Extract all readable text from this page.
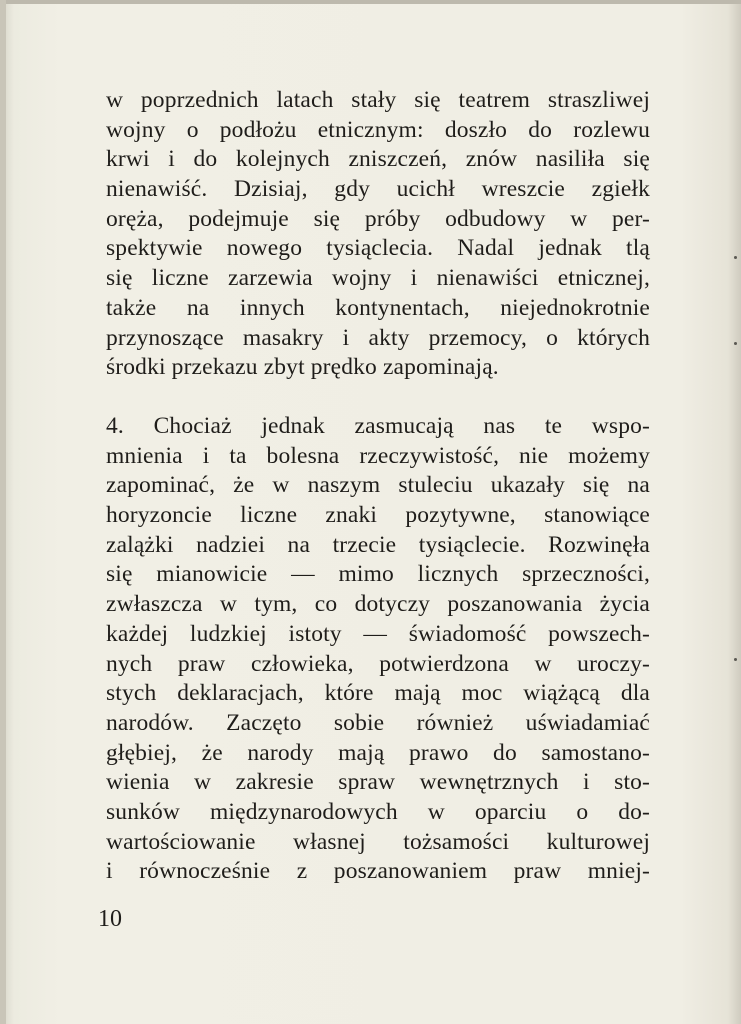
w poprzednich latach stały się teatrem straszliwej
wojny o podłożu etnicznym: doszło do rozlewu
krwi i do kolejnych zniszczeń, znów nasiliła się
nienawiść. Dzisiaj, gdy ucichł wreszcie zgiełk
oręża, podejmuje się próby odbudowy w per-
spektywie nowego tysiąclecia. Nadal jednak tlą
się liczne zarzewia wojny i nienawiści etnicznej,
także na innych kontynentach, niejednokrotnie
przynoszące masakry i akty przemocy, o których
środki przekazu zbyt prędko zapominają.
4. Chociaż jednak zasmucają nas te wspo-
mnienia i ta bolesna rzeczywistość, nie możemy
zapominać, że w naszym stuleciu ukazały się na
horyzoncie liczne znaki pozytywne, stanowiące
zalążki nadziei na trzecie tysiąclecie. Rozwinęła
się mianowicie — mimo licznych sprzeczności,
zwłaszcza w tym, co dotyczy poszanowania życia
każdej ludzkiej istoty — świadomość powszech-
nych praw człowieka, potwierdzona w uroczy-
stych deklaracjach, które mają moc wiążącą dla
narodów. Zaczęto sobie również uświadamiać
głębiej, że narody mają prawo do samostano-
wienia w zakresie spraw wewnętrznych i sto-
sunków międzynarodowych w oparciu o do-
wartościowanie własnej tożsamości kulturowej
i równocześnie z poszanowaniem praw mniej-
10
